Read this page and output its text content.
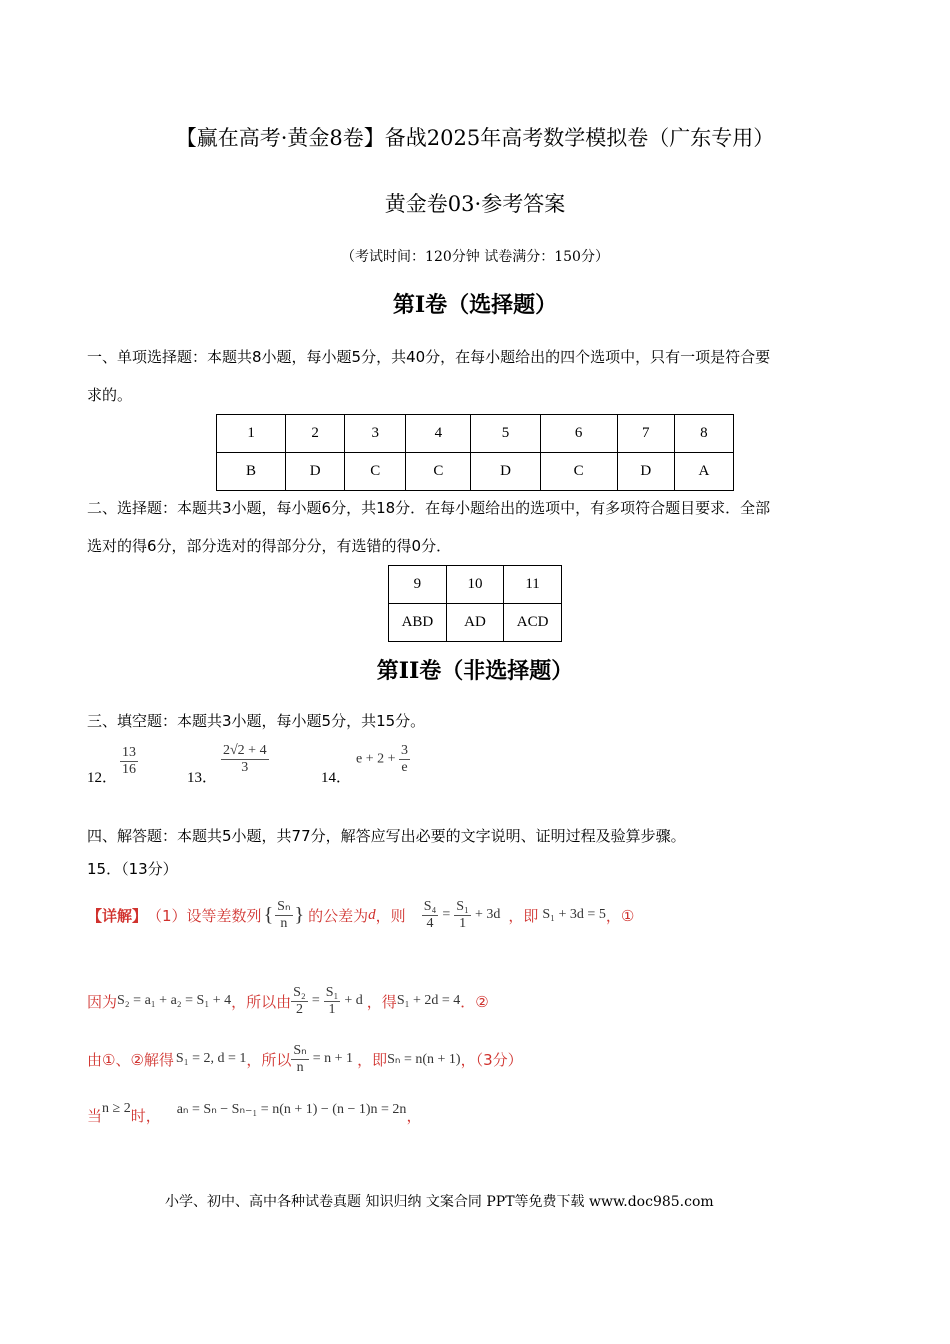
【赢在高考·黄金8卷】备战2025年高考数学模拟卷（广东专用）
黄金卷03·参考答案
（考试时间：120分钟 试卷满分：150分）
第I卷（选择题）
一、单项选择题：本题共8小题，每小题5分，共40分，在每小题给出的四个选项中，只有一项是符合要
求的。
1	2	3	4	5	6	7	8
B	D	C	C	D	C	D	A
二、选择题：本题共3小题，每小题6分，共18分．在每小题给出的选项中，有多项符合题目要求．全部
选对的得6分，部分选对的得部分分，有选错的得0分．
9	10	11
ABD	AD	ACD
第II卷（非选择题）
三、填空题：本题共3小题，每小题5分，共15分。
12． $\frac{13}{16}$	13．
$\frac{2√2 + 4}{3}$
14．
$e + 2 + \frac{3}{e}$
四、解答题：本题共5小题，共77分，解答应写出必要的文字说明、证明过程及验算步骤。
15．（13分）
【详解】 （1）设等差数列 { $\frac{\text{Sₙ}}{n}$ } 的公差为 d ，则 $\frac{\text{S₄}}{4} = \frac{\text{S₁}}{1} + 3d$ ，即 S₁ + 3d = 5 ，①
因为 S₂ = a₁ + a₂ = S₁ + 4 ，所以由 $\frac{\text{S₂}}{2} = \frac{\text{S₁}}{1} + d$ ，得 S₁ + 2d = 4 ．②
由①、②解得 S₁ = 2, d = 1 ，所以 $\frac{\text{Sₙ}}{n} = n + 1$ ，即 Sₙ = n(n + 1) ，（3分）
当 n ≥ 2 时， aₙ = Sₙ − Sₙ₋₁ = n(n + 1) − (n − 1)n = 2n ，
小学、初中、高中各种试卷真题 知识归纳 文案合同 PPT等免费下载 www.doc985.com
